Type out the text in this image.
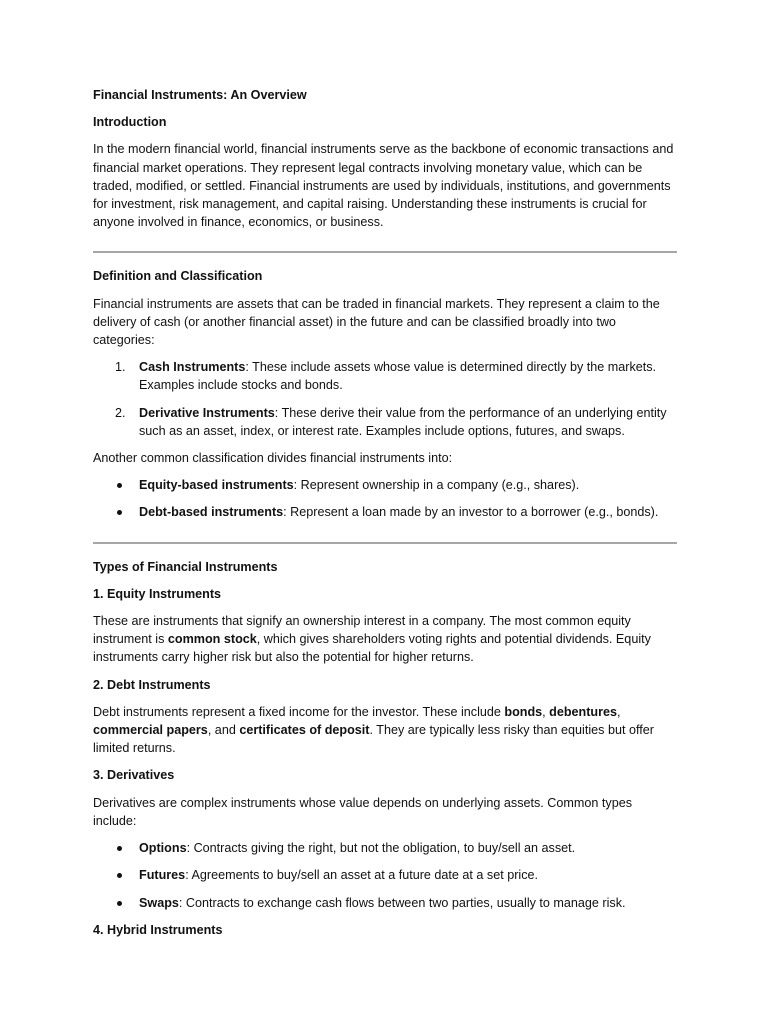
Financial Instruments: An Overview

Introduction

In the modern financial world, financial instruments serve as the backbone of economic transactions and financial market operations. They represent legal contracts involving monetary value, which can be traded, modified, or settled. Financial instruments are used by individuals, institutions, and governments for investment, risk management, and capital raising. Understanding these instruments is crucial for anyone involved in finance, economics, or business.

Definition and Classification

Financial instruments are assets that can be traded in financial markets. They represent a claim to the delivery of cash (or another financial asset) in the future and can be classified broadly into two categories:

1. Cash Instruments: These include assets whose value is determined directly by the markets. Examples include stocks and bonds.
2. Derivative Instruments: These derive their value from the performance of an underlying entity such as an asset, index, or interest rate. Examples include options, futures, and swaps.

Another common classification divides financial instruments into:

Equity-based instruments: Represent ownership in a company (e.g., shares).
Debt-based instruments: Represent a loan made by an investor to a borrower (e.g., bonds).

Types of Financial Instruments

1. Equity Instruments

These are instruments that signify an ownership interest in a company. The most common equity instrument is common stock, which gives shareholders voting rights and potential dividends. Equity instruments carry higher risk but also the potential for higher returns.

2. Debt Instruments

Debt instruments represent a fixed income for the investor. These include bonds, debentures, commercial papers, and certificates of deposit. They are typically less risky than equities but offer limited returns.

3. Derivatives

Derivatives are complex instruments whose value depends on underlying assets. Common types include:

Options: Contracts giving the right, but not the obligation, to buy/sell an asset.
Futures: Agreements to buy/sell an asset at a future date at a set price.
Swaps: Contracts to exchange cash flows between two parties, usually to manage risk.

4. Hybrid Instruments
